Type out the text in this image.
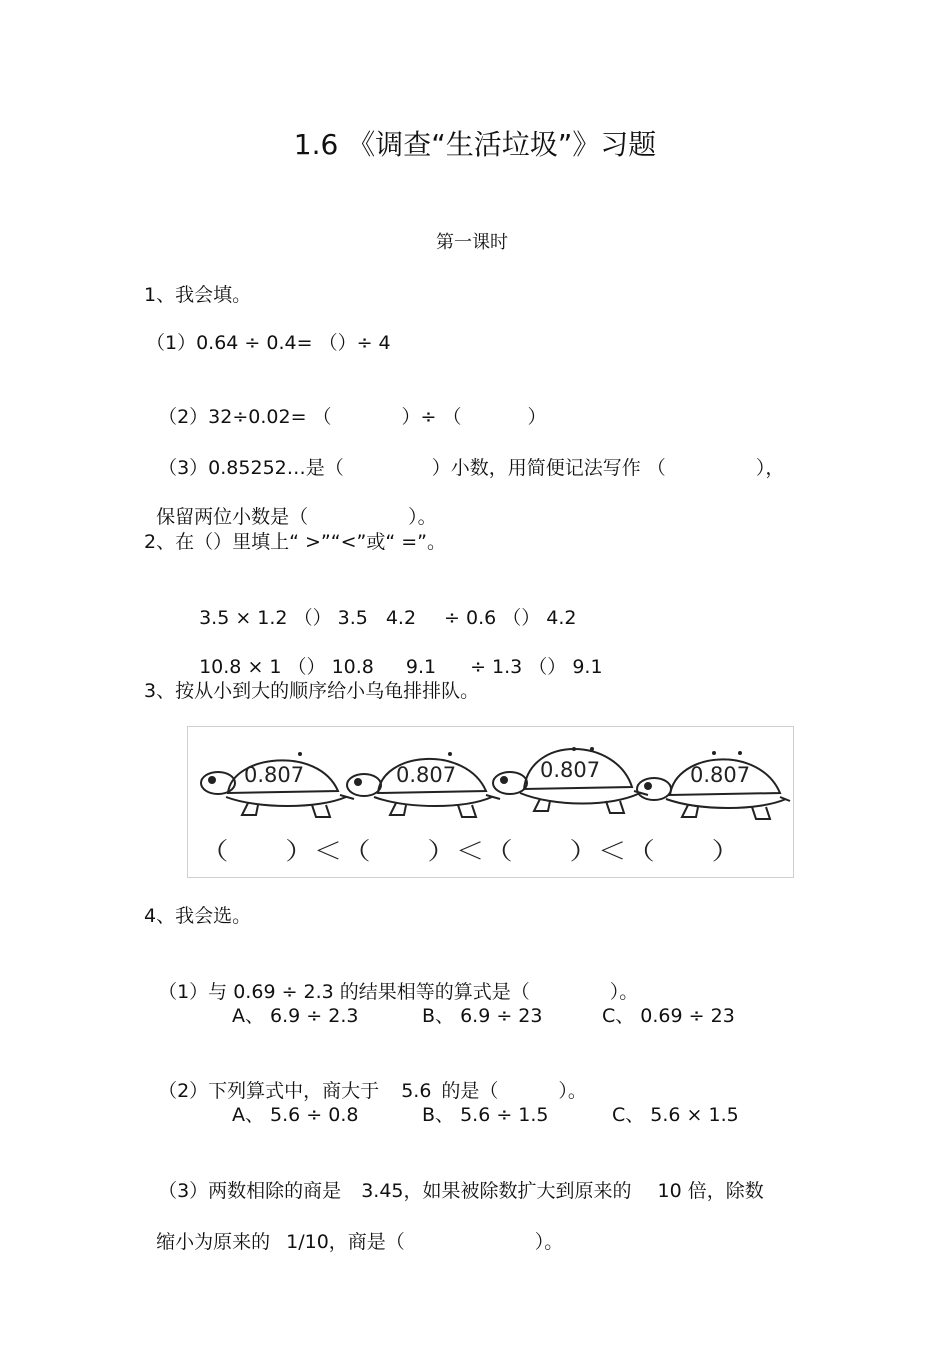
1.6 《调查“生活垃圾”》习题
第一课时
1、我会填。
（1）0.64 ÷ 0.4= （）÷ 4

（2）32÷0.02= （	）÷ （	）

（3）0.85252…是（	）小数，用简便记法写作 （	），

保留两位小数是（	）。

2、在（）里填上“ >”“<”或“ =”。

3.5 × 1.2 （） 3.5 4.2 ÷ 0.6 （） 4.2

10.8 × 1 （） 10.8 9.1 ÷ 1.3 （） 9.1

3、按从小到大的顺序给小乌龟排排队。
0.807	0.807	0.807	0.807
（　　）＜（　　）＜（　　）＜（　　）
4、我会选。

（1）与 0.69 ÷ 2.3 的结果相等的算式是（	）。

A、 6.9 ÷ 2.3	B、 6.9 ÷ 23	C、 0.69 ÷ 23

（2）下列算式中，商大于 5.6 的是（	）。

A、 5.6 ÷ 0.8	B、 5.6 ÷ 1.5	C、 5.6 × 1.5

（3）两数相除的商是 3.45，如果被除数扩大到原来的 10 倍，除数

缩小为原来的 1/10，商是（	）。
